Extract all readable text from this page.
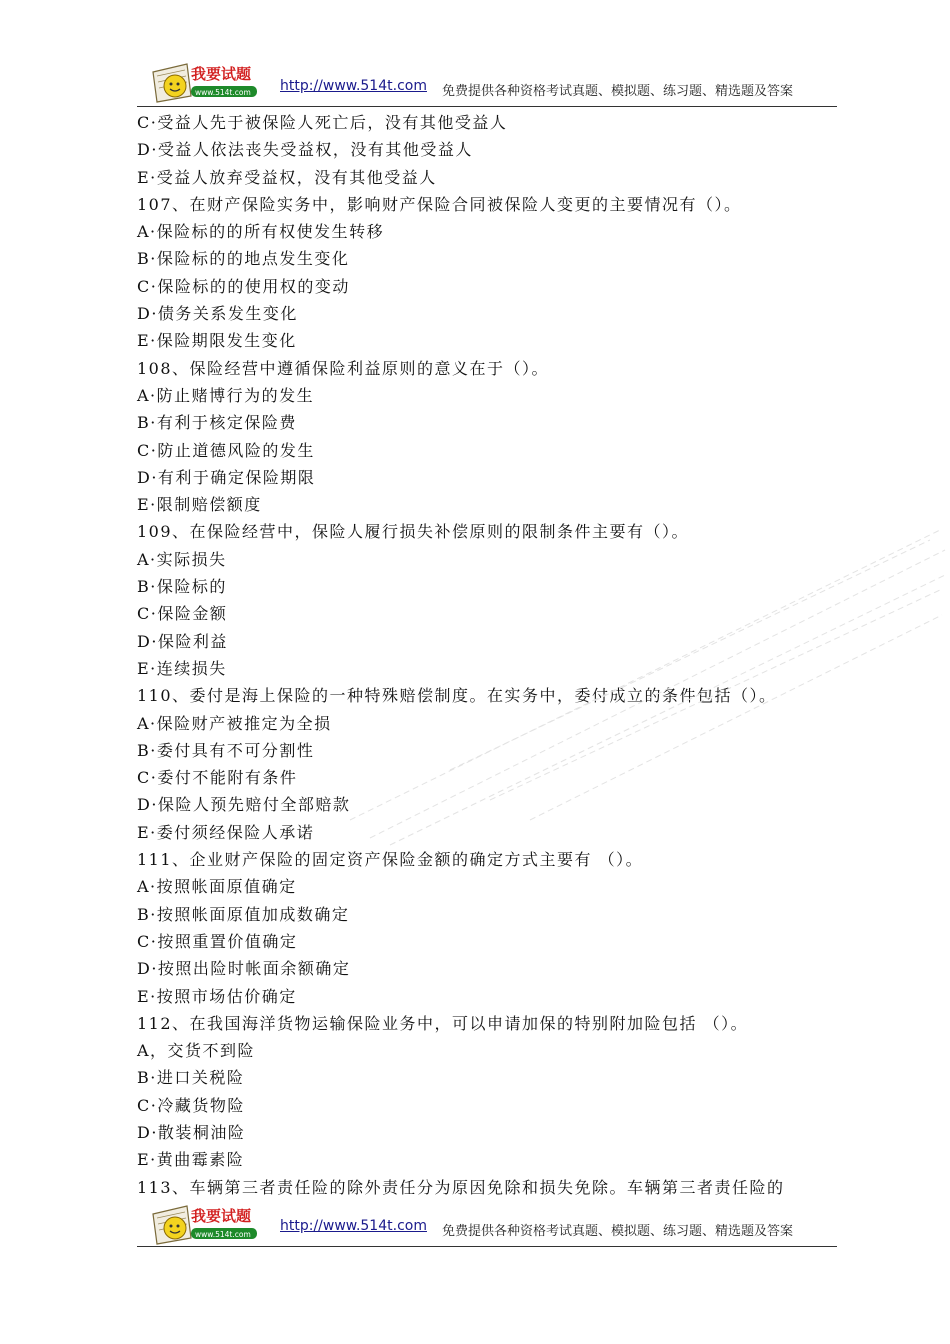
我要试题
www.514t.com http://www.514t.com 免费提供各种资格考试真题、模拟题、练习题、精选题及答案
C·受益人先于被保险人死亡后，没有其他受益人
D·受益人依法丧失受益权，没有其他受益人
E·受益人放弃受益权，没有其他受益人
107、在财产保险实务中，影响财产保险合同被保险人变更的主要情况有（）。
A·保险标的的所有权使发生转移
B·保险标的的地点发生变化
C·保险标的的使用权的变动
D·债务关系发生变化
E·保险期限发生变化
108、保险经营中遵循保险利益原则的意义在于（）。
A·防止赌博行为的发生
B·有利于核定保险费
C·防止道德风险的发生
D·有利于确定保险期限
E·限制赔偿额度
109、在保险经营中，保险人履行损失补偿原则的限制条件主要有（）。
A·实际损失
B·保险标的
C·保险金额
D·保险利益
E·连续损失
110、委付是海上保险的一种特殊赔偿制度。在实务中，委付成立的条件包括（）。
A·保险财产被推定为全损
B·委付具有不可分割性
C·委付不能附有条件
D·保险人预先赔付全部赔款
E·委付须经保险人承诺
111、企业财产保险的固定资产保险金额的确定方式主要有 （）。
A·按照帐面原值确定
B·按照帐面原值加成数确定
C·按照重置价值确定
D·按照出险时帐面余额确定
E·按照市场估价确定
112、在我国海洋货物运输保险业务中，可以申请加保的特别附加险包括 （）。
A，交货不到险
B·进口关税险
C·冷藏货物险
D·散装桐油险
E·黄曲霉素险
113、车辆第三者责任险的除外责任分为原因免除和损失免除。车辆第三者责任险的
我要试题
www.514t.com
http://www.514t.com 免费提供各种资格考试真题、模拟题、练习题、精选题及答案
